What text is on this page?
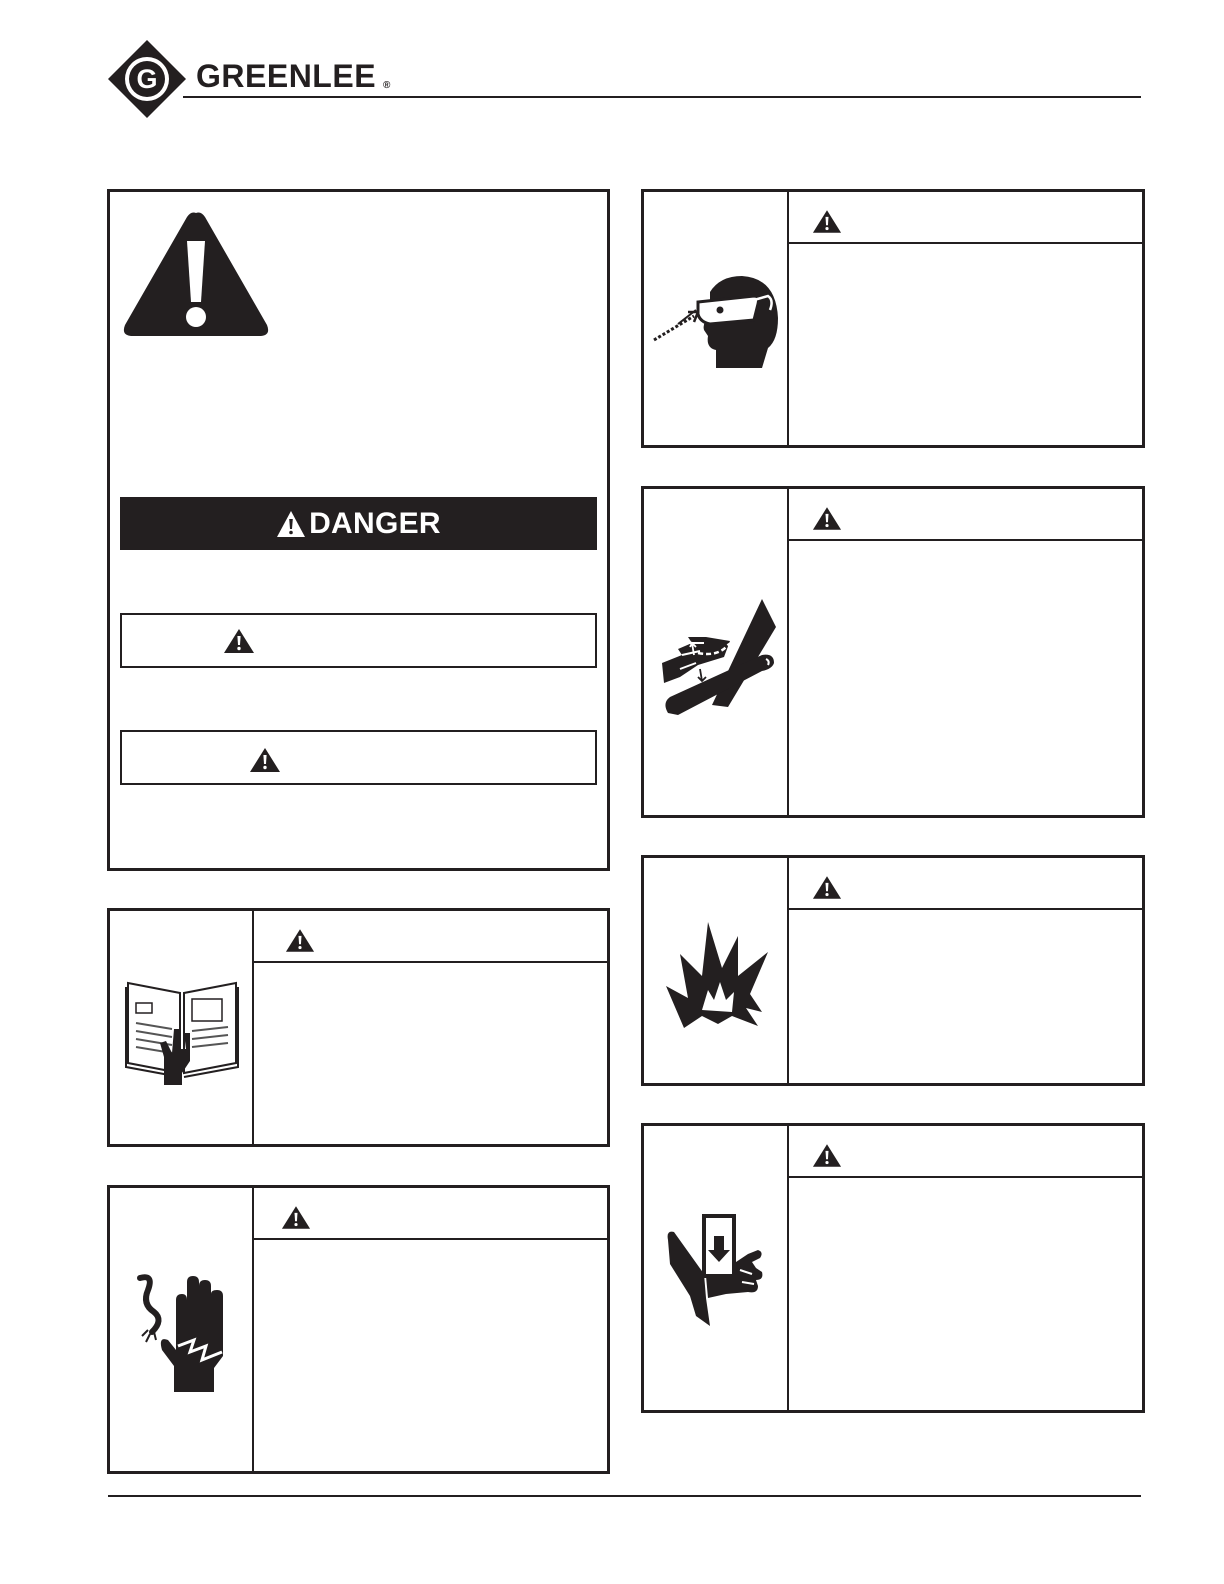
G GREENLEE ®
DANGER
